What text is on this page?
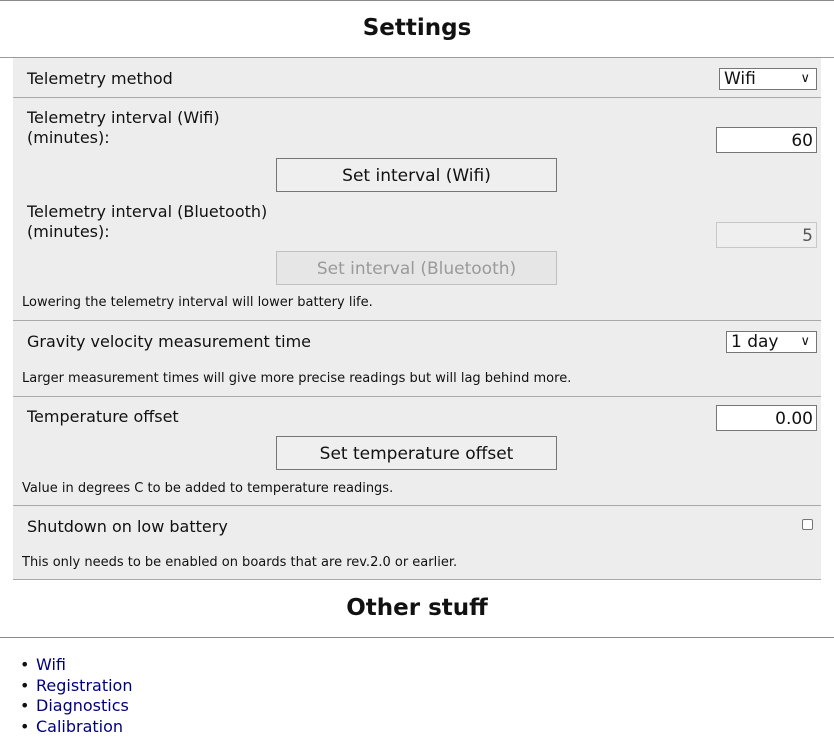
Settings
Telemetry method	Wifi	∨
Telemetry interval (Wifi)
(minutes):	60
Set interval (Wifi)
Telemetry interval (Bluetooth)
(minutes):	5
Set interval (Bluetooth)
Lowering the telemetry interval will lower battery life.
Gravity velocity measurement time	1 day ∨
Larger measurement times will give more precise readings but will lag behind more.
Temperature offset	0.00
Set temperature offset
Value in degrees C to be added to temperature readings.
Shutdown on low battery
This only needs to be enabled on boards that are rev.2.0 or earlier.
Other stuff
• Wifi
• Registration
• Diagnostics
• Calibration
